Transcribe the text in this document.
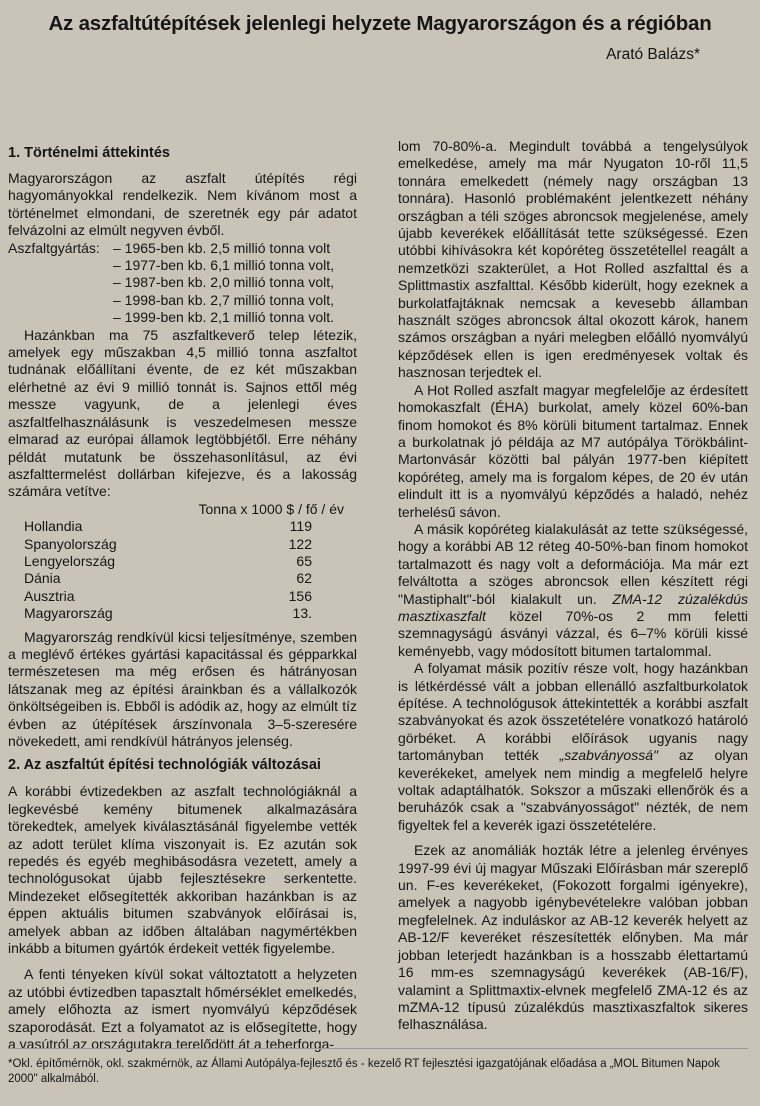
Az aszfaltútépítések jelenlegi helyzete Magyarországon és a régióban
Arató Balázs*
1. Történelmi áttekintés

Magyarországon az aszfalt útépítés régi hagyományokkal rendelkezik. Nem kívánom most a történelmet elmondani, de szeretnék egy pár adatot felvázolni az elmúlt negyven évből.

Aszfaltgyártás: – 1965-ben kb. 2,5 millió tonna volt
– 1977-ben kb. 6,1 millió tonna volt,
– 1987-ben kb. 2,0 millió tonna volt,
– 1998-ban kb. 2,7 millió tonna volt,
– 1999-ben kb. 2,1 millió tonna volt.

Hazánkban ma 75 aszfaltkeverő telep létezik, amelyek egy műszakban 4,5 millió tonna aszfaltot tudnának előállítani évente, de ez két műszakban elérhetné az évi 9 millió tonnát is. Sajnos ettől még messze vagyunk, de a jelenlegi éves aszfaltfelhasználásunk is veszedelmesen messze elmarad az európai államok legtöbbjétől. Erre néhány példát mutatunk be összehasonlításul, az évi aszfalttermelést dollárban kifejezve, és a lakosság számára vetítve:

	Tonna x 1000 $ / fő / év
Hollandia	119
Spanyolország	122
Lengyelország	65
Dánia	62
Ausztria	156
Magyarország	13.

Magyarország rendkívül kicsi teljesítménye, szemben a meglévő értékes gyártási kapacitással és gépparkkal természetesen ma még erősen és hátrányosan látszanak meg az építési árainkban és a vállalkozók önköltségeiben is. Ebből is adódik az, hogy az elmúlt tíz évben az útépítések árszínvonala 3–5-szeresére növekedett, ami rendkívül hátrányos jelenség.

2. Az aszfaltút építési technológiák változásai

A korábbi évtizedekben az aszfalt technológiáknál a legkevésbé kemény bitumenek alkalmazására törekedtek, amelyek kiválasztásánál figyelembe vették az adott terület klíma viszonyait is. Ez azután sok repedés és egyéb meghibásodásra vezetett, amely a technológusokat újabb fejlesztésekre serkentette. Mindezeket elősegítették akkoriban hazánkban is az éppen aktuális bitumen szabványok előírásai is, amelyek abban az időben általában nagymértékben inkább a bitumen gyártók érdekeit vették figyelembe.

A fenti tényeken kívül sokat változtatott a helyzeten az utóbbi évtizedben tapasztalt hőmérséklet emelkedés, amely előhozta az ismert nyomvályú képződések szaporodását. Ezt a folyamatot az is elősegítette, hogy a vasútról az országutakra terelődött át a teherforga-

lom 70-80%-a. Megindult továbbá a tengelysúlyok emelkedése, amely ma már Nyugaton 10-ről 11,5 tonnára emelkedett (némely nagy országban 13 tonnára). Hasonló problémaként jelentkezett néhány országban a téli szöges abroncsok megjelenése, amely újabb keverékek előállítását tette szükségessé. Ezen utóbbi kihívásokra két kopóréteg összetétellel reagált a nemzetközi szakterület, a Hot Rolled aszfalttal és a Splittmastix aszfalttal. Később kiderült, hogy ezeknek a burkolatfajtáknak nemcsak a kevesebb államban használt szöges abroncsok által okozott károk, hanem számos országban a nyári melegben előálló nyomvályú képződések ellen is igen eredményesek voltak és hasznosan terjedtek el.

A Hot Rolled aszfalt magyar megfelelője az érdesített homokaszfalt (ÉHA) burkolat, amely közel 60%-ban finom homokot és 8% körüli bitument tartalmaz. Ennek a burkolatnak jó példája az M7 autópálya Törökbálint-Martonvásár közötti bal pályán 1977-ben kiépített kopóréteg, amely ma is forgalom képes, de 20 év után elindult itt is a nyomvályú képződés a haladó, nehéz terhelésű sávon.

A másik kopóréteg kialakulását az tette szükségessé, hogy a korábbi AB 12 réteg 40-50%-ban finom homokot tartalmazott és nagy volt a deformációja. Ma már ezt felváltotta a szöges abroncsok ellen készített régi "Mastiphalt"-ból kialakult un. ZMA-12 zúzalékdús masztixaszfalt közel 70%-os 2 mm feletti szemnagyságú ásványi vázzal, és 6–7% körüli kissé keményebb, vagy módosított bitumen tartalommal.

A folyamat másik pozitív része volt, hogy hazánkban is létkérdéssé vált a jobban ellenálló aszfaltburkolatok építése. A technológusok áttekintették a korábbi aszfalt szabványokat és azok összetételére vonatkozó határoló görbéket. A korábbi előírások ugyanis nagy tartományban tették „szabványossá" az olyan keverékeket, amelyek nem mindig a megfelelő helyre voltak adaptálhatók. Sokszor a műszaki ellenőrök és a beruházók csak a "szabványosságot" nézték, de nem figyeltek fel a keverék igazi összetételére.

Ezek az anomáliák hozták létre a jelenleg érvényes 1997-99 évi új magyar Műszaki Előírásban már szereplő un. F-es keverékeket, (Fokozott forgalmi igényekre), amelyek a nagyobb igénybevételekre valóban jobban megfelelnek. Az induláskor az AB-12 keverék helyett az AB-12/F keveréket részesítették előnyben. Ma már jobban leterjedt hazánkban is a hosszabb élettartamú 16 mm-es szemnagyságú keverékek (AB-16/F), valamint a Splittmaxtix-elvnek megfelelő ZMA-12 és az mZMA-12 típusú zúzalékdús masztixaszfaltok sikeres felhasználása.

*Okl. építőmérnök, okl. szakmérnök, az Állami Autópálya-fejlesztő és - kezelő RT fejlesztési igazgatójának előadása a „MOL Bitumen Napok 2000" alkalmából.
